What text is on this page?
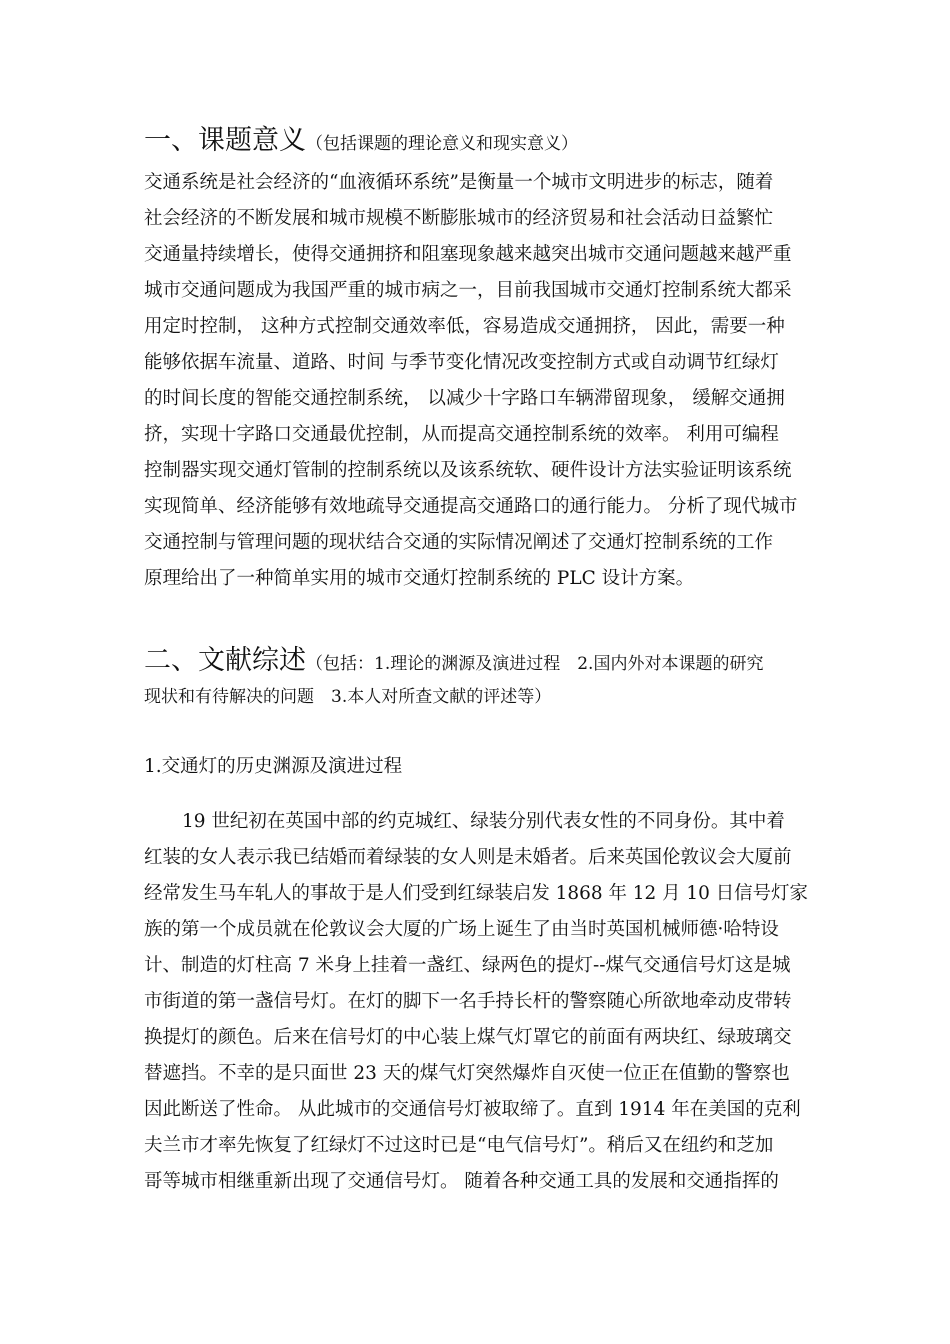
一、课题意义（包括课题的理论意义和现实意义）
交通系统是社会经济的“血液循环系统”是衡量一个城市文明进步的标志，随着
社会经济的不断发展和城市规模不断膨胀城市的经济贸易和社会活动日益繁忙
交通量持续增长，使得交通拥挤和阻塞现象越来越突出城市交通问题越来越严重
城市交通问题成为我国严重的城市病之一，目前我国城市交通灯控制系统大都采
用定时控制， 这种方式控制交通效率低，容易造成交通拥挤， 因此，需要一种
能够依据车流量、道路、时间 与季节变化情况改变控制方式或自动调节红绿灯
的时间长度的智能交通控制系统， 以减少十字路口车辆滞留现象， 缓解交通拥
挤，实现十字路口交通最优控制，从而提高交通控制系统的效率。 利用可编程
控制器实现交通灯管制的控制系统以及该系统软、硬件设计方法实验证明该系统
实现简单、经济能够有效地疏导交通提高交通路口的通行能力。 分析了现代城市
交通控制与管理问题的现状结合交通的实际情况阐述了交通灯控制系统的工作
原理给出了一种简单实用的城市交通灯控制系统的 PLC 设计方案。
二、文献综述（包括：1.理论的渊源及演进过程　2.国内外对本课题的研究
现状和有待解决的问题　3.本人对所查文献的评述等）
1.交通灯的历史渊源及演进过程
19 世纪初在英国中部的约克城红、绿装分别代表女性的不同身份。其中着
红装的女人表示我已结婚而着绿装的女人则是未婚者。后来英国伦敦议会大厦前
经常发生马车轧人的事故于是人们受到红绿装启发 1868 年 12 月 10 日信号灯家
族的第一个成员就在伦敦议会大厦的广场上诞生了由当时英国机械师德·哈特设
计、制造的灯柱高 7 米身上挂着一盏红、绿两色的提灯--煤气交通信号灯这是城
市街道的第一盏信号灯。在灯的脚下一名手持长杆的警察随心所欲地牵动皮带转
换提灯的颜色。后来在信号灯的中心装上煤气灯罩它的前面有两块红、绿玻璃交
替遮挡。不幸的是只面世 23 天的煤气灯突然爆炸自灭使一位正在值勤的警察也
因此断送了性命。 从此城市的交通信号灯被取缔了。直到 1914 年在美国的克利
夫兰市才率先恢复了红绿灯不过这时已是“电气信号灯”。稍后又在纽约和芝加
哥等城市相继重新出现了交通信号灯。 随着各种交通工具的发展和交通指挥的
